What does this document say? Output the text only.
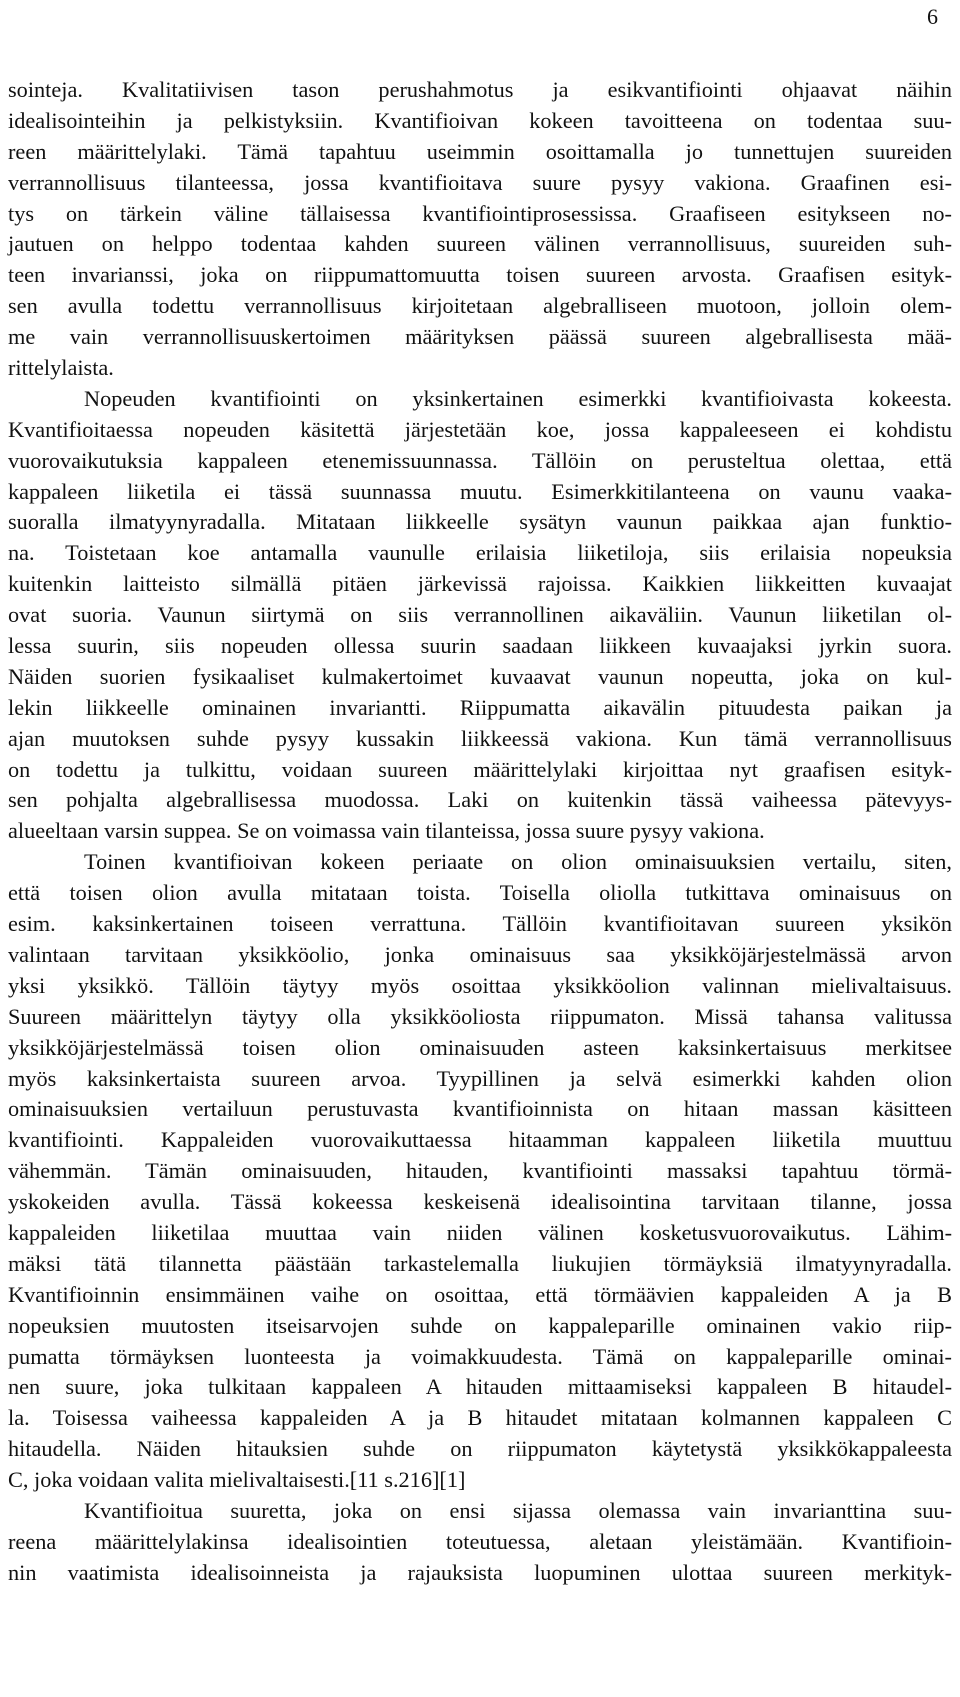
6
sointeja. Kvalitatiivisen tason perushahmotus ja esikvantifiointi ohjaavat näihin
idealisointeihin ja pelkistyksiin. Kvantifioivan kokeen tavoitteena on todentaa suu-
reen määrittelylaki. Tämä tapahtuu useimmin osoittamalla jo tunnettujen suureiden
verrannollisuus tilanteessa, jossa kvantifioitava suure pysyy vakiona. Graafinen esi-
tys on tärkein väline tällaisessa kvantifiointiprosessissa. Graafiseen esitykseen no-
jautuen on helppo todentaa kahden suureen välinen verrannollisuus, suureiden suh-
teen invarianssi, joka on riippumattomuutta toisen suureen arvosta. Graafisen esityk-
sen avulla todettu verrannollisuus kirjoitetaan algebralliseen muotoon, jolloin olem-
me vain verrannollisuuskertoimen määrityksen päässä suureen algebrallisesta mää-
rittelylaista.
Nopeuden kvantifiointi on yksinkertainen esimerkki kvantifioivasta kokeesta.
Kvantifioitaessa nopeuden käsitettä järjestetään koe, jossa kappaleeseen ei kohdistu
vuorovaikutuksia kappaleen etenemissuunnassa. Tällöin on perusteltua olettaa, että
kappaleen liiketila ei tässä suunnassa muutu. Esimerkkitilanteena on vaunu vaaka-
suoralla ilmatyynyradalla. Mitataan liikkeelle sysätyn vaunun paikkaa ajan funktio-
na. Toistetaan koe antamalla vaunulle erilaisia liiketiloja, siis erilaisia nopeuksia
kuitenkin laitteisto silmällä pitäen järkevissä rajoissa. Kaikkien liikkeitten kuvaajat
ovat suoria. Vaunun siirtymä on siis verrannollinen aikaväliin. Vaunun liiketilan ol-
lessa suurin, siis nopeuden ollessa suurin saadaan liikkeen kuvaajaksi jyrkin suora.
Näiden suorien fysikaaliset kulmakertoimet kuvaavat vaunun nopeutta, joka on kul-
lekin liikkeelle ominainen invariantti. Riippumatta aikavälin pituudesta paikan ja
ajan muutoksen suhde pysyy kussakin liikkeessä vakiona. Kun tämä verrannollisuus
on todettu ja tulkittu, voidaan suureen määrittelylaki kirjoittaa nyt graafisen esityk-
sen pohjalta algebrallisessa muodossa. Laki on kuitenkin tässä vaiheessa pätevyys-
alueeltaan varsin suppea. Se on voimassa vain tilanteissa, jossa suure pysyy vakiona.
Toinen kvantifioivan kokeen periaate on olion ominaisuuksien vertailu, siten,
että toisen olion avulla mitataan toista. Toisella oliolla tutkittava ominaisuus on
esim. kaksinkertainen toiseen verrattuna. Tällöin kvantifioitavan suureen yksikön
valintaan tarvitaan yksikköolio, jonka ominaisuus saa yksikköjärjestelmässä arvon
yksi yksikkö. Tällöin täytyy myös osoittaa yksikköolion valinnan mielivaltaisuus.
Suureen määrittelyn täytyy olla yksikköoliosta riippumaton. Missä tahansa valitussa
yksikköjärjestelmässä toisen olion ominaisuuden asteen kaksinkertaisuus merkitsee
myös kaksinkertaista suureen arvoa. Tyypillinen ja selvä esimerkki kahden olion
ominaisuuksien vertailuun perustuvasta kvantifioinnista on hitaan massan käsitteen
kvantifiointi. Kappaleiden vuorovaikuttaessa hitaamman kappaleen liiketila muuttuu
vähemmän. Tämän ominaisuuden, hitauden, kvantifiointi massaksi tapahtuu törmä-
yskokeiden avulla. Tässä kokeessa keskeisenä idealisointina tarvitaan tilanne, jossa
kappaleiden liiketilaa muuttaa vain niiden välinen kosketusvuorovaikutus. Lähim-
mäksi tätä tilannetta päästään tarkastelemalla liukujien törmäyksiä ilmatyynyradalla.
Kvantifioinnin ensimmäinen vaihe on osoittaa, että törmäävien kappaleiden A ja B
nopeuksien muutosten itseisarvojen suhde on kappaleparille ominainen vakio riip-
pumatta törmäyksen luonteesta ja voimakkuudesta. Tämä on kappaleparille ominai-
nen suure, joka tulkitaan kappaleen A hitauden mittaamiseksi kappaleen B hitaudel-
la. Toisessa vaiheessa kappaleiden A ja B hitaudet mitataan kolmannen kappaleen C
hitaudella. Näiden hitauksien suhde on riippumaton käytetystä yksikkökappaleesta
C, joka voidaan valita mielivaltaisesti.[11 s.216][1]
Kvantifioitua suuretta, joka on ensi sijassa olemassa vain invarianttina suu-
reena määrittelylakinsa idealisointien toteutuessa, aletaan yleistämään. Kvantifioin-
nin vaatimista idealisoinneista ja rajauksista luopuminen ulottaa suureen merkityk-
